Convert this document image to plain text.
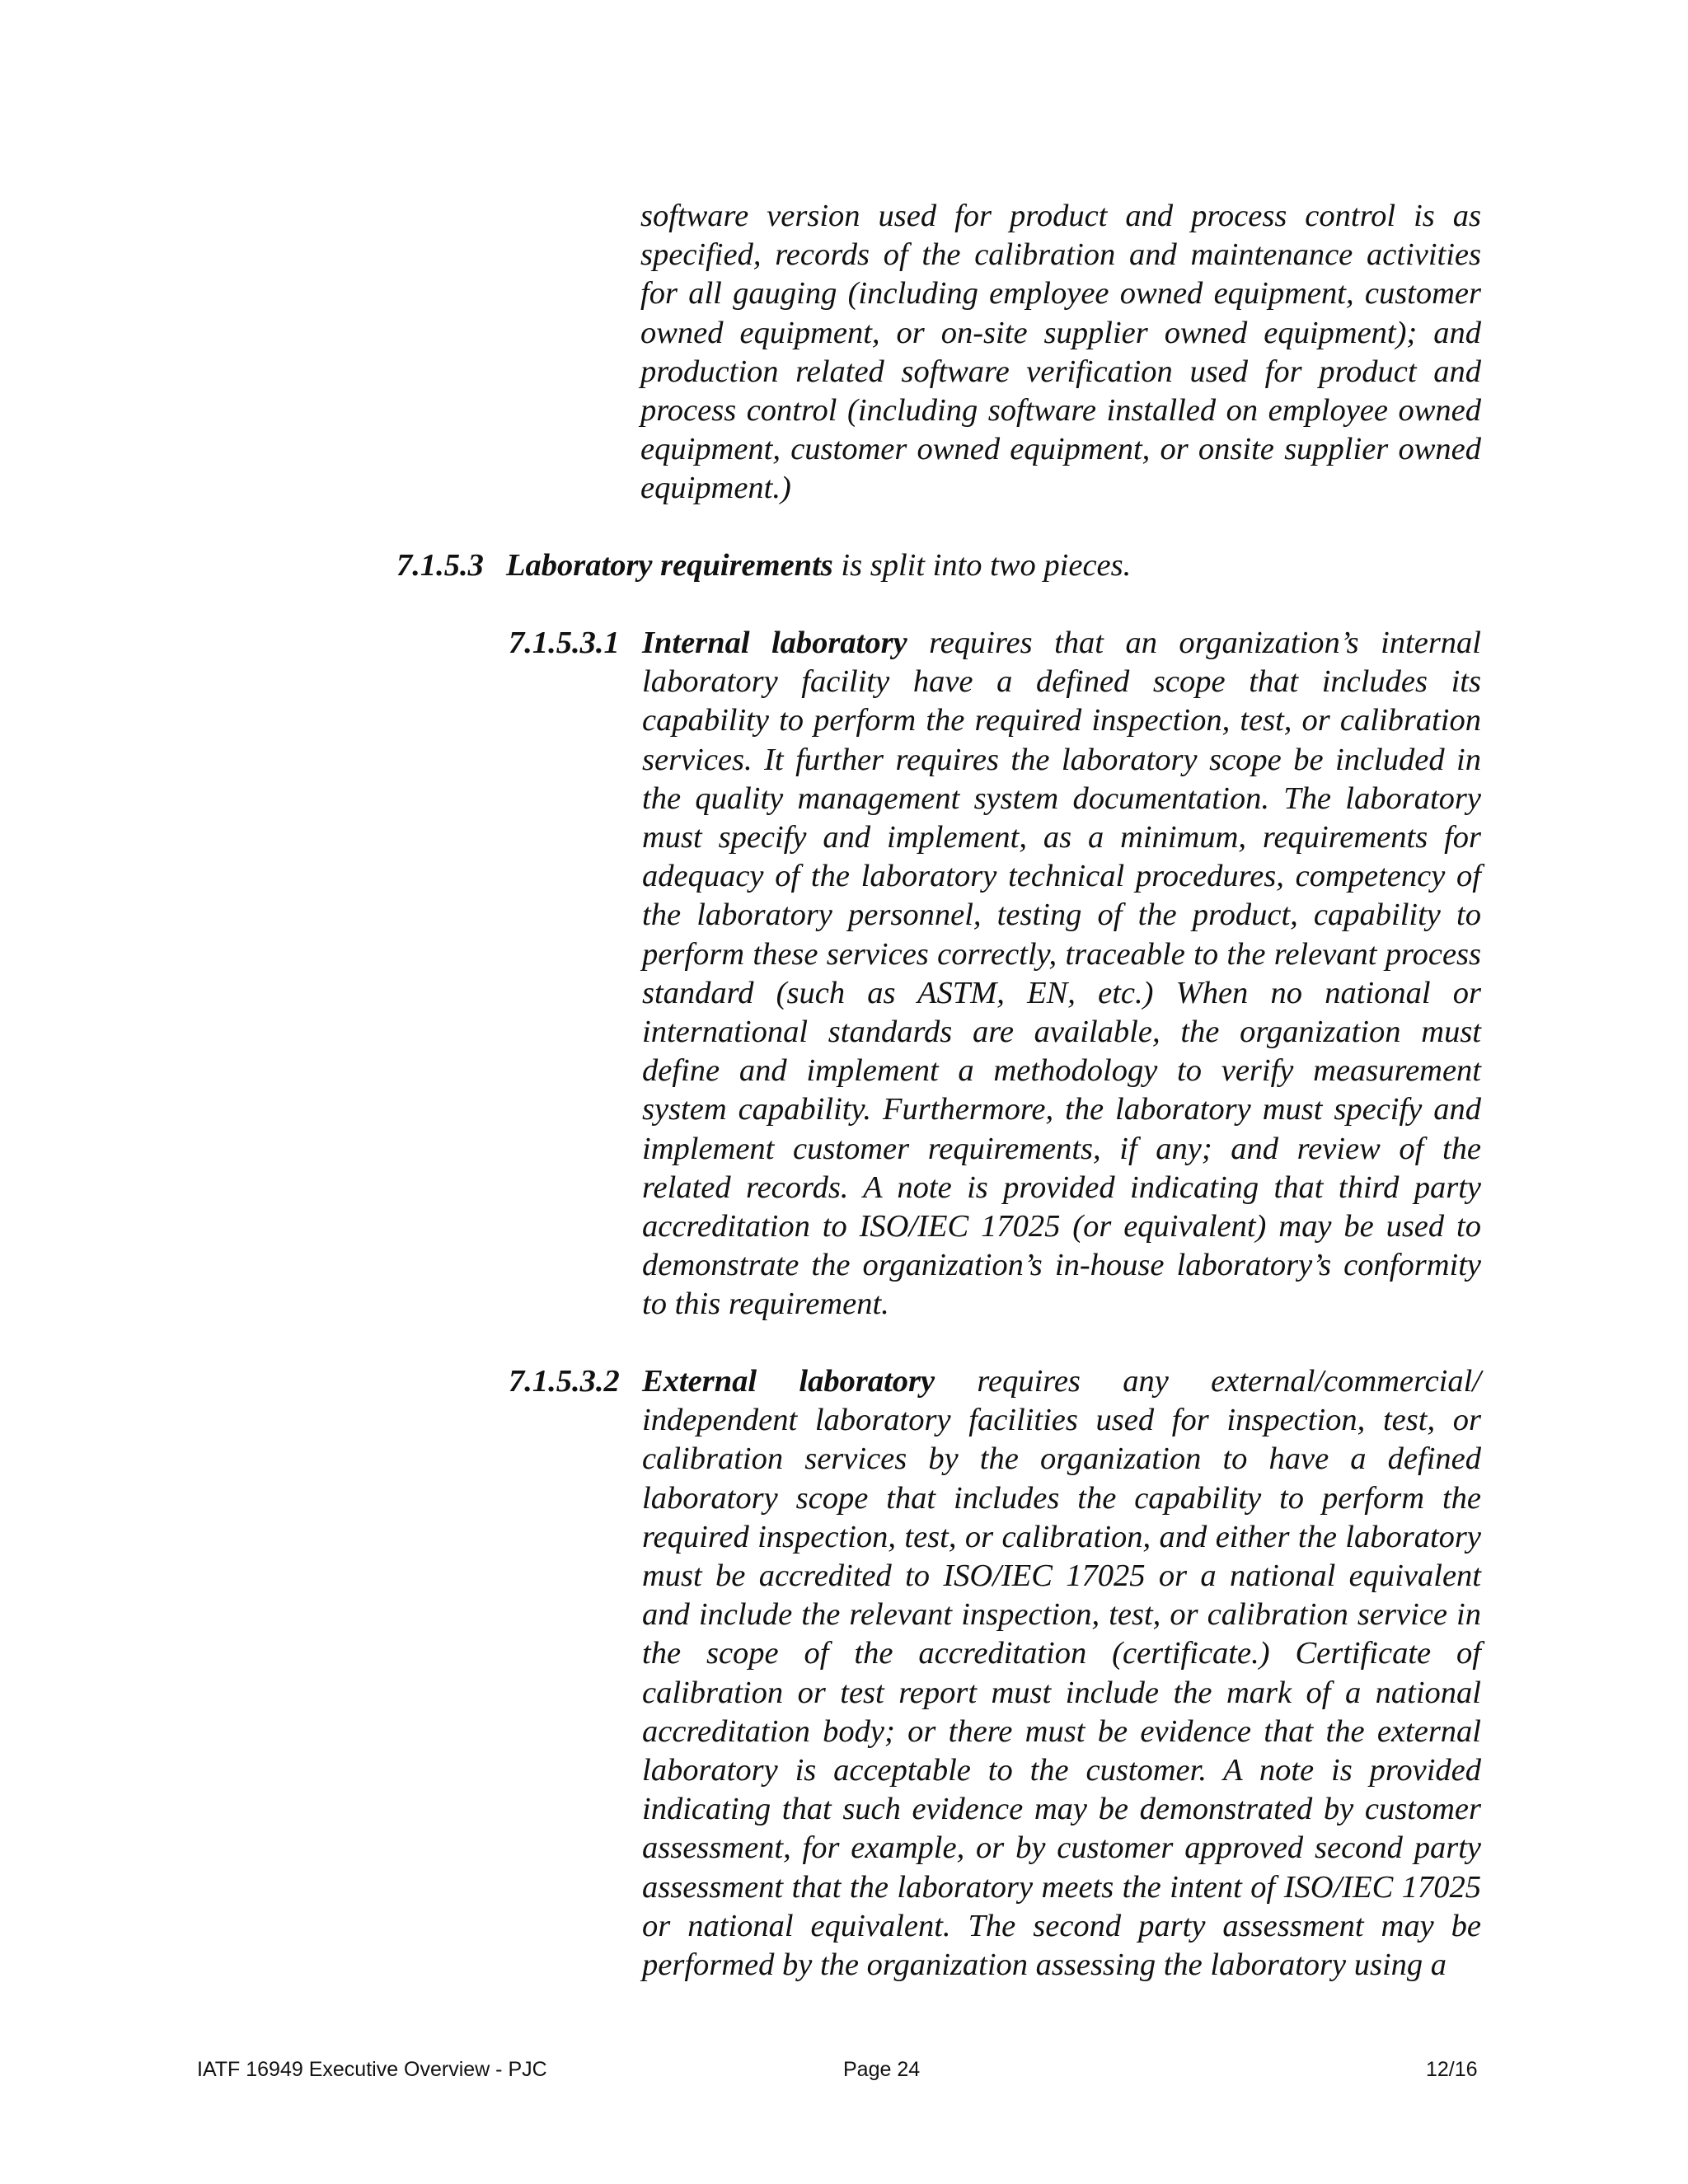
software version used for product and process control is as specified, records of the calibration and maintenance activities for all gauging (including employee owned equipment, customer owned equipment, or on-site supplier owned equipment); and production related software verification used for product and process control (including software installed on employee owned equipment, customer owned equipment, or onsite supplier owned equipment.)

7.1.5.3 Laboratory requirements is split into two pieces.
7.1.5.3.1 Internal laboratory requires that an organization’s internal laboratory facility have a defined scope that includes its capability to perform the required inspection, test, or calibration services. It further requires the laboratory scope be included in the quality management system documentation. The laboratory must specify and implement, as a minimum, requirements for adequacy of the laboratory technical procedures, competency of the laboratory personnel, testing of the product, capability to perform these services correctly, traceable to the relevant process standard (such as ASTM, EN, etc.) When no national or international standards are available, the organization must define and implement a methodology to verify measurement system capability. Furthermore, the laboratory must specify and implement customer requirements, if any; and review of the related records. A note is provided indicating that third party accreditation to ISO/IEC 17025 (or equivalent) may be used to demonstrate the organization’s in-house laboratory’s conformity to this requirement.

7.1.5.3.2 External laboratory requires any external/commercial/ independent laboratory facilities used for inspection, test, or calibration services by the organization to have a defined laboratory scope that includes the capability to perform the required inspection, test, or calibration, and either the laboratory must be accredited to ISO/IEC 17025 or a national equivalent and include the relevant inspection, test, or calibration service in the scope of the accreditation (certificate.) Certificate of calibration or test report must include the mark of a national accreditation body; or there must be evidence that the external laboratory is acceptable to the customer. A note is provided indicating that such evidence may be demonstrated by customer assessment, for example, or by customer approved second party assessment that the laboratory meets the intent of ISO/IEC 17025 or national equivalent. The second party assessment may be performed by the organization assessing the laboratory using a

IATF 16949 Executive Overview - PJC	Page 24	12/16
